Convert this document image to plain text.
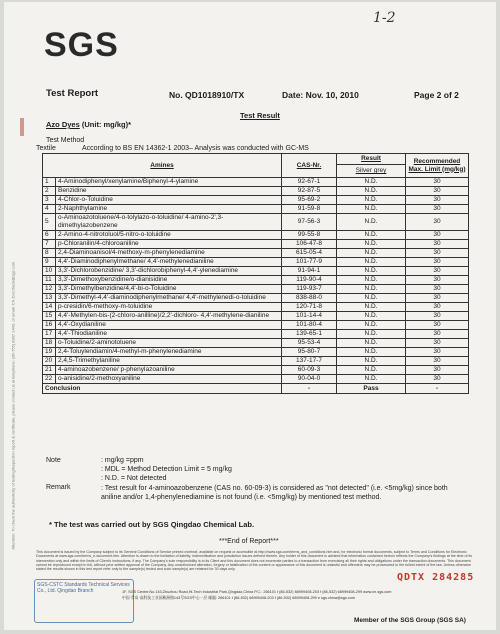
Attention: To check the authenticity of testing/inspection report & certificate, please contact us at telephone: (86-755) 8307 1443, or email: CN.Doccheck@sgs.com
1-2
SGS
Test Report	No. QD1018910/TX	Date: Nov. 10, 2010	Page 2 of 2
Test Result
Azo Dyes (Unit: mg/kg)*
Test Method
Textile	According to BS EN 14362-1 2003– Analysis was conducted with GC-MS
Amines		CAS-Nr.	Result
Silver grey	Recommended Max. Limit (mg/kg)
1	4-Aminodiphenyl/xenylamine/Biphenyl-4-ylamine	92-67-1	N.D.	30
2	Benzidine	92-87-5	N.D.	30
3	4-Chlor-o-Toluidine	95-69-2	N.D.	30
4	2-Naphthylamine	91-59-8	N.D.	30
5	o-Aminoazotoluene/4-o-tolylazo-o-toluidine/ 4-amino-2',3-dimethylazobenzene	97-56-3	N.D.	30
6	2-Amino-4-nitrotoluol/5-nitro-o-toluidine	99-55-8	N.D.	30
7	p-Chloranilin/4-chloroaniline	106-47-8	N.D.	30
8	2,4-Diaminoanisol/4-methoxy-m-phenylenediamine	615-05-4	N.D.	30
9	4,4'-Diaminodiphenylmethane/ 4,4'-methylenedianiline	101-77-9	N.D.	30
10	3,3'-Dichlorobenzidine/ 3,3'-dichlorobiphenyl-4,4'-ylenediamine	91-94-1	N.D.	30
11	3,3'-Dimethoxybenzidine/o-dianisidine	119-90-4	N.D.	30
12	3,3'-Dimethylbenzidine/4,4'-bi-o-Toluidine	119-93-7	N.D.	30
13	3,3'-Dimethyl-4,4'-diaminodiphenylmethane/ 4,4'-methylenedi-o-toluidine	838-88-0	N.D.	30
14	p-cresidin/6-methoxy-m-toluidine	120-71-8	N.D.	30
15	4,4'-Methylen-bis-(2-chloro-anilline)/2,2'-dichloro- 4,4'-methylene-dianiline	101-14-4	N.D.	30
16	4,4'-Oxydianiline	101-80-4	N.D.	30
17	4,4'-Thiodianiline	139-65-1	N.D.	30
18	o-Toluidine/2-aminotoluene	95-53-4	N.D.	30
19	2,4-Toluylendiamin/4-methyl-m-phenylenediamine	95-80-7	N.D.	30
20	2,4,5-Trimethylaniline	137-17-7	N.D.	30
21	4-aminoazobenzene/ p-phenylazoaniline	60-09-3	N.D.	30
22	o-anisidine/2-methoxyaniline	90-04-0	N.D.	30
Conclusion		-	Pass	-
Note	: mg/kg =ppm
: MDL = Method Detection Limit = 5 mg/kg
: N.D. = Not detected
Remark	: Test result for 4-aminoazobenzene (CAS no. 60-09-3) is considered as "not detected" (i.e. <5mg/kg) since both aniline and/or 1,4-phenylenediamine is not found (i.e. <5mg/kg) by mentioned test method.
* The test was carried out by SGS Qingdao Chemical Lab.
***End of Report***
This document is issued by the Company subject to its General Conditions of Service printed overleaf, available on request or accessible at http://www.sgs.com/terms_and_conditions.htm and, for electronic format documents, subject to Terms and Conditions for Electronic Documents at www.sgs.com/terms_e-document.htm. Attention is drawn to the limitation of liability, indemnification and jurisdiction issues defined therein. Any holder of this document is advised that information contained hereon reflects the Company's findings at the time of its intervention only and within the limits of Client's instructions, if any. The Company's sole responsibility is to its Client and this document does not exonerate parties to a transaction from exercising all their rights and obligations under the transaction documents. This document cannot be reproduced except in full, without prior written approval of the Company. Any unauthorized alteration, forgery or falsification of the content or appearance of this document is unlawful and offenders may be prosecuted to the fullest extent of the law. Unless otherwise stated the results shown in this test report refer only to the sample(s) tested and such sample(s) are retained for 30 days only.
SGS-CSTC Standards Technical Services Co., Ltd. Qingdao Branch
QDTX 284285
1F, SGS Center,No.143,Zhuzhou Road,Hi-Tech Industrial Park,Qingdao,China P.C.: 266101 t (86-532) 68999408-203 f (86-532) 68999408-299 www.cn.sgs.com
中国·青岛·高科技工业园株洲路143号SGS中心一层 邮编: 266101 t (86-532) 68999408-203 f (86-532) 68999408-299 e sgs.china@sgs.com
Member of the SGS Group (SGS SA)
